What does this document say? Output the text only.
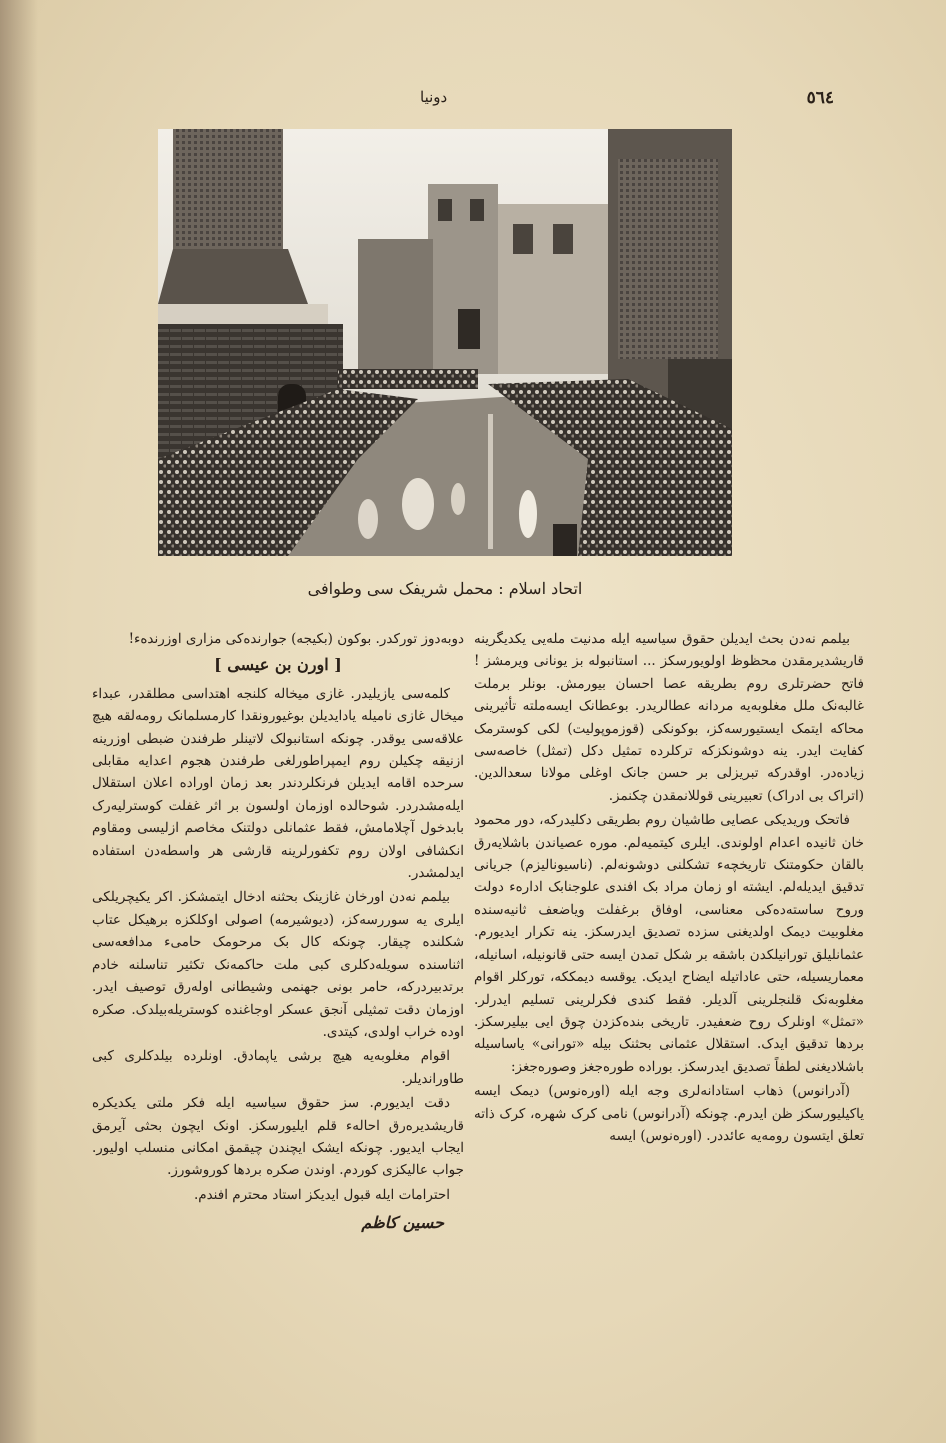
٥٦٤
دونیا
اتحاد اسلام : محمل شریفک سی وطوافی

بیلمم نەدن بحث ایدیلن حقوق سیاسیە ایلە مدنیت ملەیی یکدیگرینە قاریشدیرمقدن محظوظ اولویورسکز ... استانبولە بز یونانی ویرمشز ! فاتح حضرتلری روم بطریقە عصا احسان بیورمش. بونلر برملت غالبەنک ملل مغلوبەیە مردانە عطالریدر. بوعطانک ایسەملتە تأثیرینی محاکە ایتمک ایستیورسەکز، بوکونکی (قوزموپولیت) لکی کوسترمک کفایت ایدر. ینە دوشونکزکە ترکلردە تمثیل دکل (تمثل) خاصەسی زیادەدر. اوقدرکە تبریزلی بر حسن جانک اوغلی مولانا سعدالدین. (اتراک بی ادراک) تعبیرینی قوللانمقدن چکنمز.

فاتحک وریدیکی عصایی طاشیان روم بطریقی دکلیدرکە، دور محمود خان ثانیدە اعدام اولوندی. ایلری کیتمیەلم. موره عصیاندن باشلایەرق بالقان حکومتنک تاریخچەء تشکلنی دوشونەلم. (ناسیونالیزم) جریانی تدقیق ایدیلەلم. ایشتە او زمان مراد بک افندی علوجنابک ادارەء دولت وروح ساستەدەکی معناسی، اوفاق برغفلت ویاضعف ثانیەسندە مغلوبیت دیمک اولدیغنی سزدە تصدیق ایدرسکز. ینە تکرار ایدیورم. عثمانلیلق تورانیلکدن باشقە بر شکل تمدن ایسە حتی قانونیلە، اسانیلە، معماریسیلە، حتی عاداتیلە ایضاح ایدیک. یوقسە دیمککە، تورکلر اقوام مغلوبەنک قلنجلرینی آلدیلر. فقط کندی فکرلرینی تسلیم ایدرلر. «تمثل» اونلرک روح ضعفیدر. تاریخی بندەکزدن چوق ایی بیلیرسکز. بردها تدقیق ایدک. استقلال عثمانی بحثنک بیلە «تورانی» یاساسیلە باشلادیغنی لطفاً تصدیق ایدرسکز. بوراده طورەجغز وصورەجغز:

(آدرانوس) ذهاب استادانەلری وجه ایلە (اورەنوس) دیمک ایسە یاکیلیورسکز ظن ایدرم. چونکە (آدرانوس) نامی کرک شهرە، کرک ذاتە تعلق ایتسون رومەیە عائددر. (اورەنوس) ایسە

دوبەدوز تورکدر. بوکون (بکیجە) جوارندەکی مزاری اوزرندەء!

[ اورن بن عیسی ]

کلمەسی یازیلیدر. غازی میخالە کلنجە اهتداسی مطلقدر، عبداء میخال غازی نامیلە یادایدیلن بوغیورونقدا کارمسلمانک رومەلقە هیچ علاقەسی یوقدر. چونکە استانبولک لاتینلر طرفندن ضبطی اوزرینە ازنیقە چکیلن روم ایمپراطورلغی طرفندن هجوم اعدایە مقابلی سرحدە اقامە ایدیلن فرنکلردندر بعد زمان اوراده اعلان استقلال ایلەمشدردر. شوحالدە اوزمان اولسون بر اثر غفلت کوسترلیەرک بابدخول آچلامامش، فقط عثمانلی دولتنک مخاصم ازلیسی ومقاوم انکشافی اولان روم تکفورلرینە قارشی هر واسطەدن استفادە ایدلمشدر.

بیلمم نەدن اورخان غازینک بحثنە ادخال ایتمشکز. اکر یکیچریلکی ایلری یە سوررسەکز، (دیوشیرمە) اصولی اوکلکزە برهیکل عتاب شکلندە چیقار. چونکە کال بک مرحومک حامیء مدافعەسی اثناسندە سویلەدکلری کبی ملت حاکمەنک تکثیر تناسلنە خادم برتدبیردرکە، حامر بونی جهنمی وشیطانی اولەرق توصیف ایدر. اوزمان دقت تمثیلی آنجق عسکر اوجاغندە کوستریلەبیلدک. صکرە اوده خراب اولدی، کیتدی.

اقوام مغلوبەیە هیچ برشی یاپمادق. اونلردە بیلدکلری کبی طاوراندیلر.

دقت ایدیورم. سز حقوق سیاسیە ایلە فکر ملتی یکدیکرە قاریشدیرەرق احالهء قلم ایلیورسکز. اونک ایچون بحثی آیرمق ایجاب ایدیور. چونکە ایشک ایچندن چیقمق امکانی منسلب اولیور. جواب عالیکزی کوردم. اوندن صکرە بردها کوروشورز.

احترامات ایلە قبول ایدیکز استاد محترم افندم.

حسین کاظم
